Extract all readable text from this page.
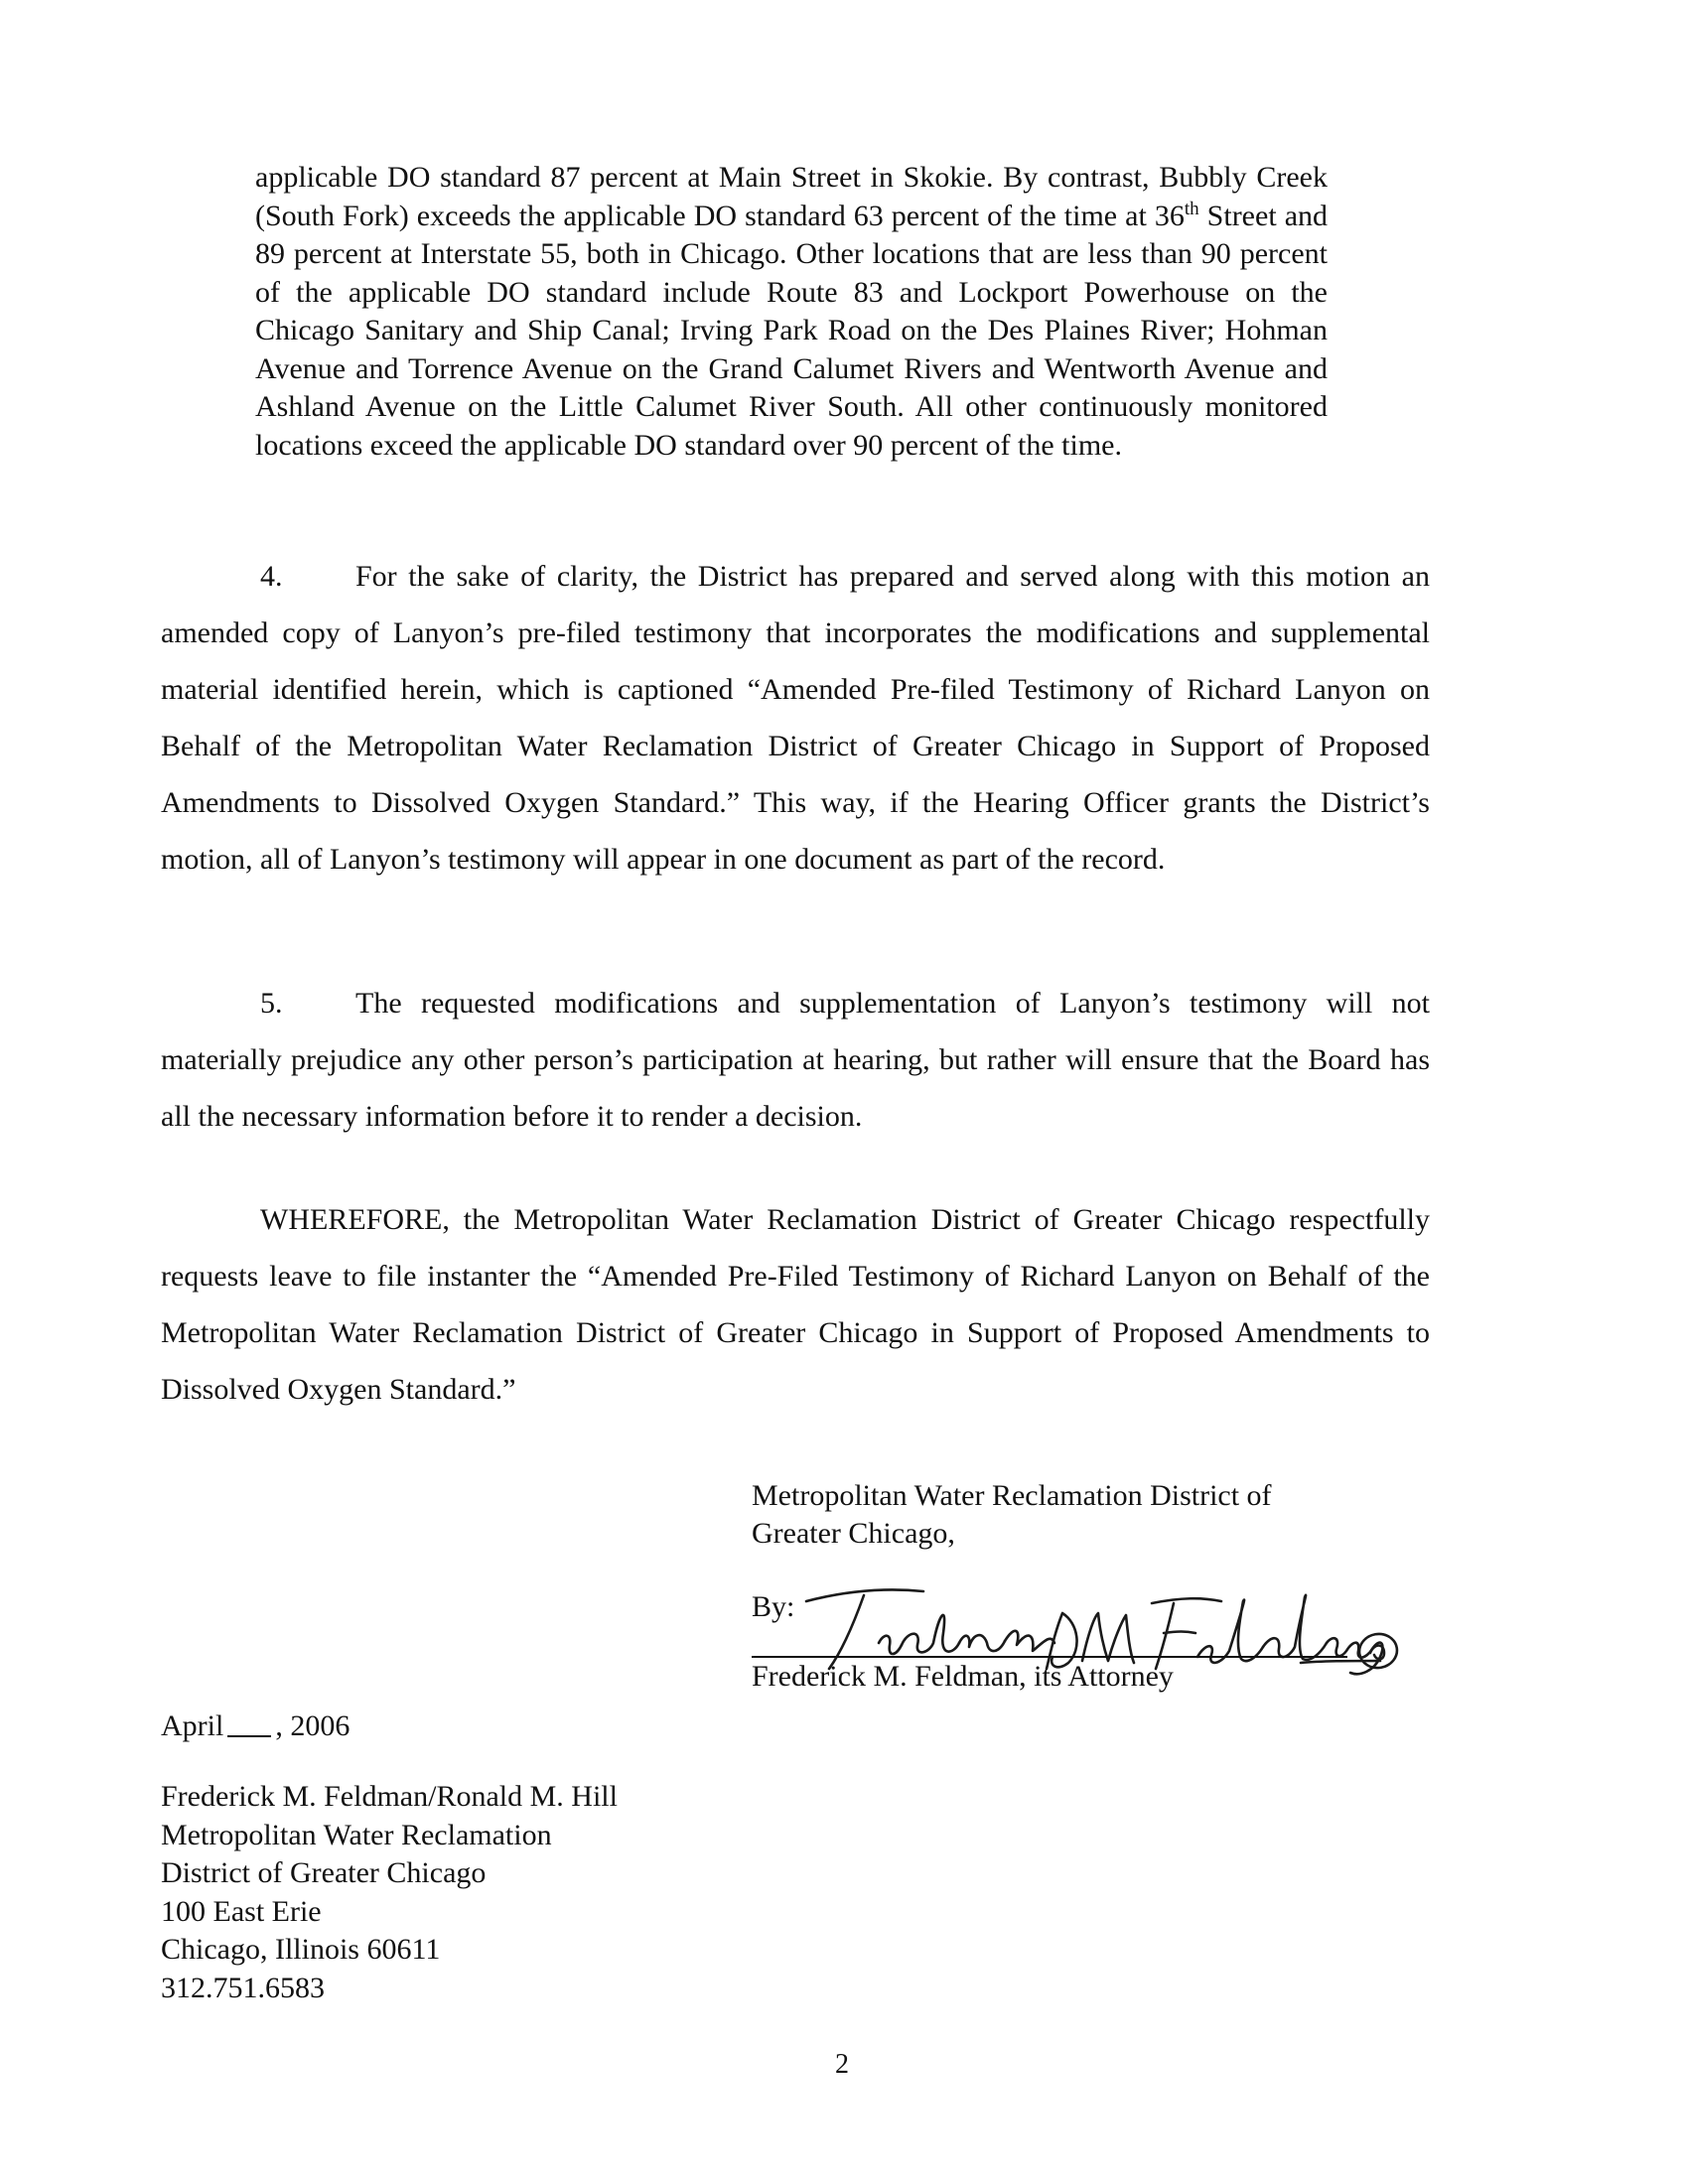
applicable DO standard 87 percent at Main Street in Skokie. By contrast, Bubbly Creek (South Fork) exceeds the applicable DO standard 63 percent of the time at 36th Street and 89 percent at Interstate 55, both in Chicago. Other locations that are less than 90 percent of the applicable DO standard include Route 83 and Lockport Powerhouse on the Chicago Sanitary and Ship Canal; Irving Park Road on the Des Plaines River; Hohman Avenue and Torrence Avenue on the Grand Calumet Rivers and Wentworth Avenue and Ashland Avenue on the Little Calumet River South. All other continuously monitored locations exceed the applicable DO standard over 90 percent of the time.
4. For the sake of clarity, the District has prepared and served along with this motion an amended copy of Lanyon’s pre-filed testimony that incorporates the modifications and supplemental material identified herein, which is captioned “Amended Pre-filed Testimony of Richard Lanyon on Behalf of the Metropolitan Water Reclamation District of Greater Chicago in Support of Proposed Amendments to Dissolved Oxygen Standard.” This way, if the Hearing Officer grants the District’s motion, all of Lanyon’s testimony will appear in one document as part of the record.
5. The requested modifications and supplementation of Lanyon’s testimony will not materially prejudice any other person’s participation at hearing, but rather will ensure that the Board has all the necessary information before it to render a decision.
WHEREFORE, the Metropolitan Water Reclamation District of Greater Chicago respectfully requests leave to file instanter the “Amended Pre-Filed Testimony of Richard Lanyon on Behalf of the Metropolitan Water Reclamation District of Greater Chicago in Support of Proposed Amendments to Dissolved Oxygen Standard.”
Metropolitan Water Reclamation District of
Greater Chicago,
By:
Frederick M. Feldman, its Attorney
April , 2006
Frederick M. Feldman/Ronald M. Hill
Metropolitan Water Reclamation
District of Greater Chicago
100 East Erie
Chicago, Illinois 60611
312.751.6583
2
